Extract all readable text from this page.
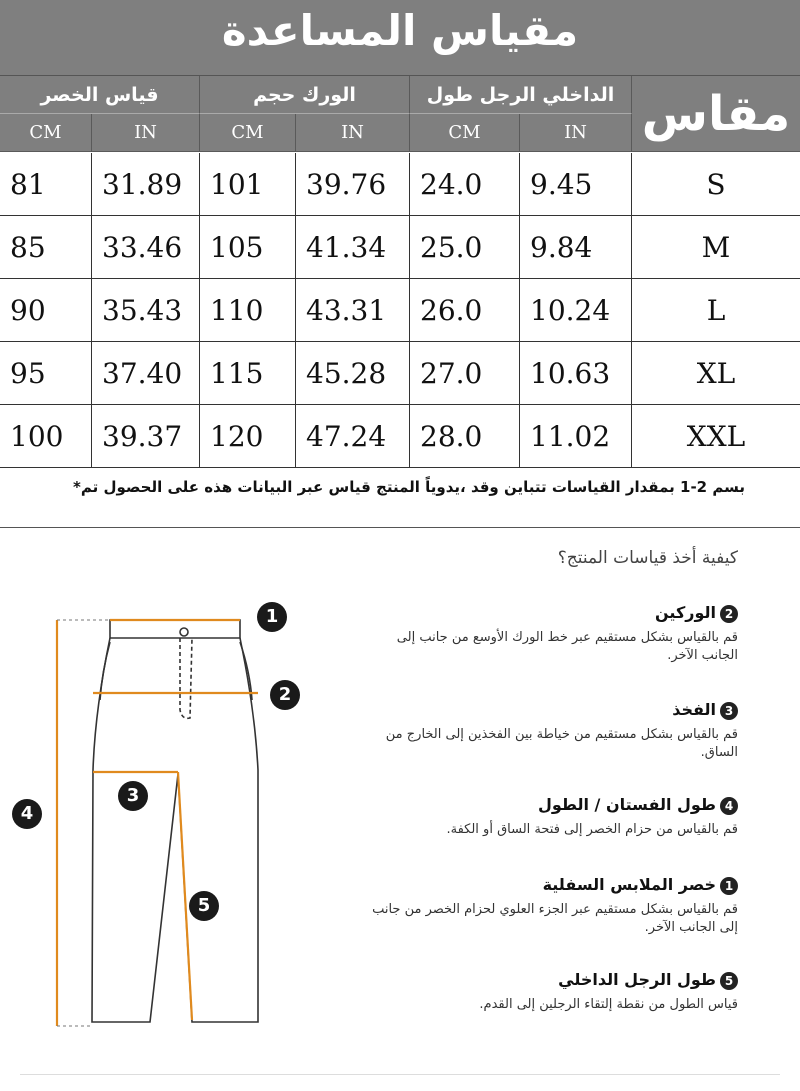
مقياس المساعدة
قياس الخصر	الورك حجم	الداخلي الرجل طول مقاس
CM	IN	CM	IN	CM	IN
81	31.89 101	39.76	24.0	9.45	S
85	33.46 105	41.34	25.0	9.84	M
90	35.43 110	43.31	26.0	10.24	L
95	37.40 115	45.28	27.0	10.63	XL
100	39.37 120	47.24	28.0	11.02	XXL
بسم 2-1 بمقدار القياسات تتباين وقد ،يدوياً المنتج قياس عبر البيانات هذه على الحصول تم*
كيفية أخذ قياسات المنتج؟
2الوركين
قم بالقياس بشكل مستقيم عبر خط الورك الأوسع من جانب إلى الجانب الآخر.
3الفخذ
قم بالقياس بشكل مستقيم من خياطة بين الفخذين إلى الخارج من الساق.
4طول الفستان / الطول
قم بالقياس من حزام الخصر إلى فتحة الساق أو الكفة.
1خصر الملابس السفلية
قم بالقياس بشكل مستقيم عبر الجزء العلوي لحزام الخصر من جانب إلى الجانب الآخر.
5طول الرجل الداخلي
قياس الطول من نقطة إلتقاء الرجلين إلى القدم.
1
2
3
4
5
